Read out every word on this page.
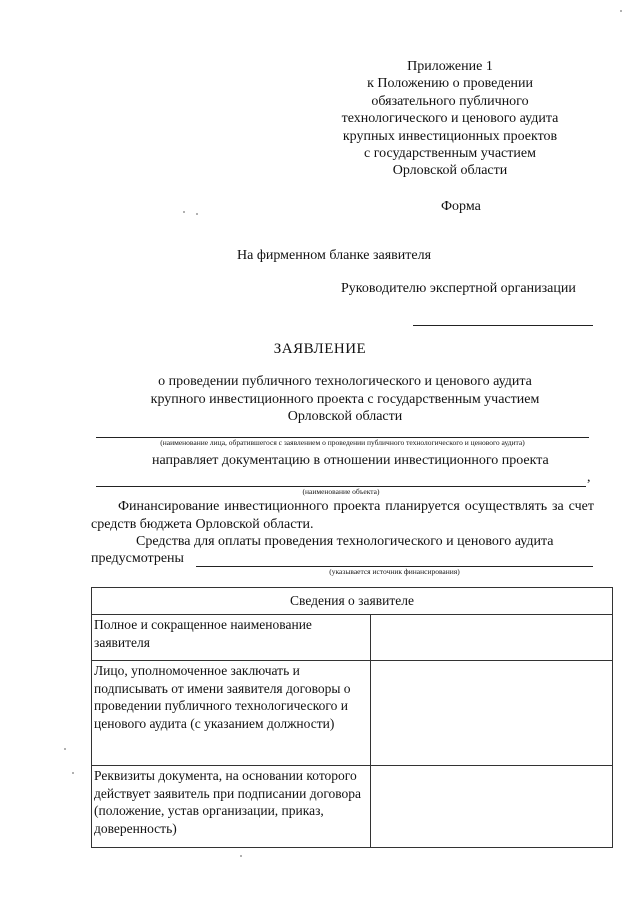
Приложение 1
к Положению о проведении
обязательного публичного
технологического и ценового аудита
крупных инвестиционных проектов
с государственным участием
Орловской области
Форма
На фирменном бланке заявителя
Руководителю экспертной организации
ЗАЯВЛЕНИЕ
о проведении публичного технологического и ценового аудита
крупного инвестиционного проекта с государственным участием
Орловской области
(наименование лица, обратившегося с заявлением о проведении публичного технологического и ценового аудита)
направляет документацию в отношении инвестиционного проекта
,
(наименование объекта)
Финансирование инвестиционного проекта планируется осуществлять за счет средств бюджета Орловской области.
Средства для оплаты проведения технологического и ценового аудита
предусмотрены
(указывается источник финансирования)
Сведения о заявителе	
Полное и сокращенное наименование заявителя	
Лицо, уполномоченное заключать и подписывать от имени заявителя договоры о проведении публичного технологического и ценового аудита (с указанием должности)	
Реквизиты документа, на основании которого действует заявитель при подписании договора (положение, устав организации, приказ, доверенность)	
